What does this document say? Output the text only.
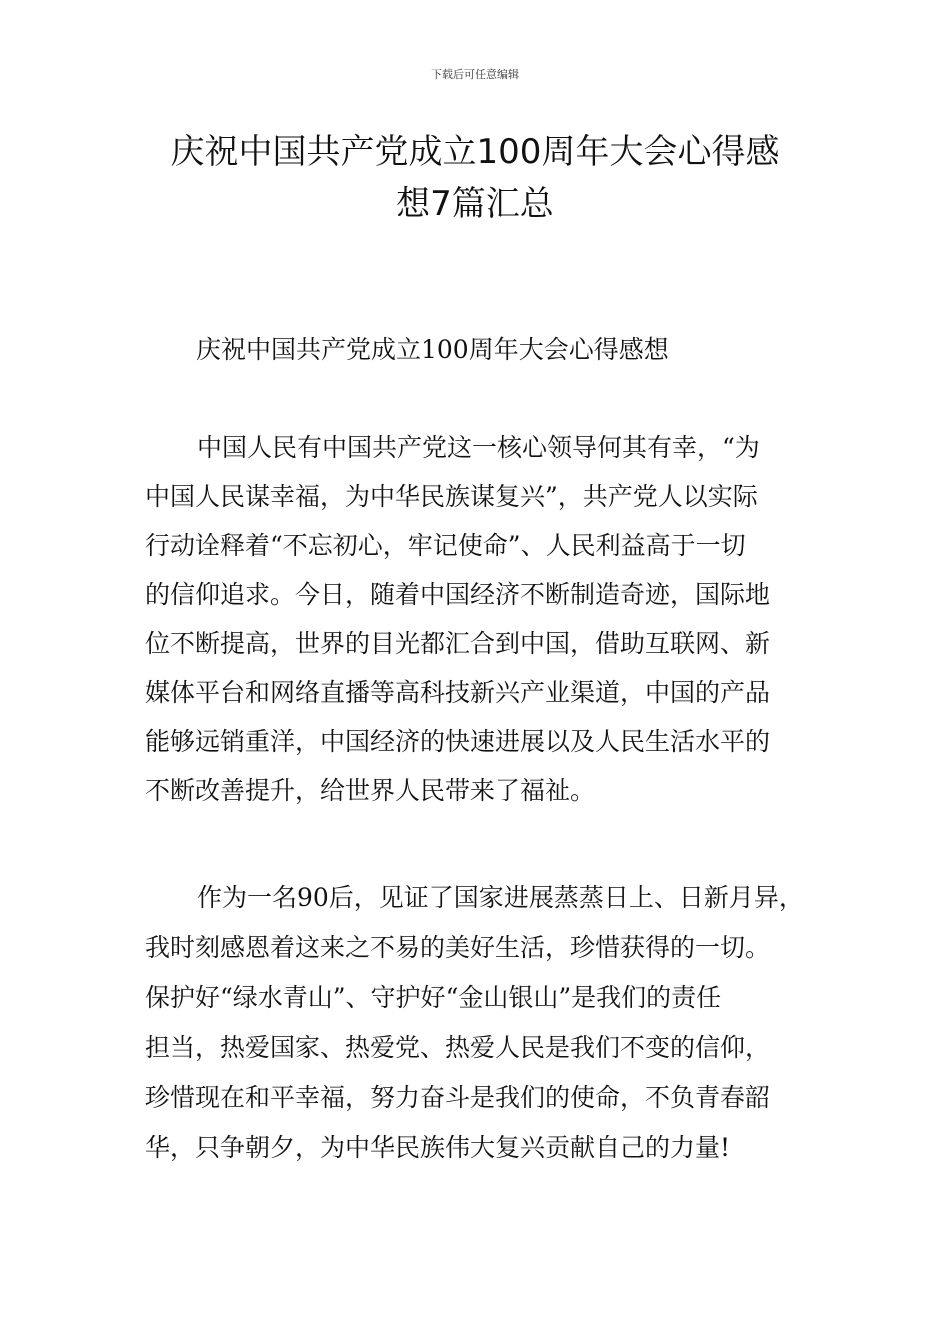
下载后可任意编辑
庆祝中国共产党成立100周年大会心得感
想7篇汇总
庆祝中国共产党成立100周年大会心得感想
中国人民有中国共产党这一核心领导何其有幸，“为
中国人民谋幸福，为中华民族谋复兴”，共产党人以实际
行动诠释着“不忘初心，牢记使命”、人民利益高于一切
的信仰追求。今日，随着中国经济不断制造奇迹，国际地
位不断提高，世界的目光都汇合到中国，借助互联网、新
媒体平台和网络直播等高科技新兴产业渠道，中国的产品
能够远销重洋，中国经济的快速进展以及人民生活水平的
不断改善提升，给世界人民带来了福祉。
作为一名90后，见证了国家进展蒸蒸日上、日新月异，
我时刻感恩着这来之不易的美好生活，珍惜获得的一切。
保护好“绿水青山”、守护好“金山银山”是我们的责任
担当，热爱国家、热爱党、热爱人民是我们不变的信仰，
珍惜现在和平幸福，努力奋斗是我们的使命，不负青春韶
华，只争朝夕，为中华民族伟大复兴贡献自己的力量!
